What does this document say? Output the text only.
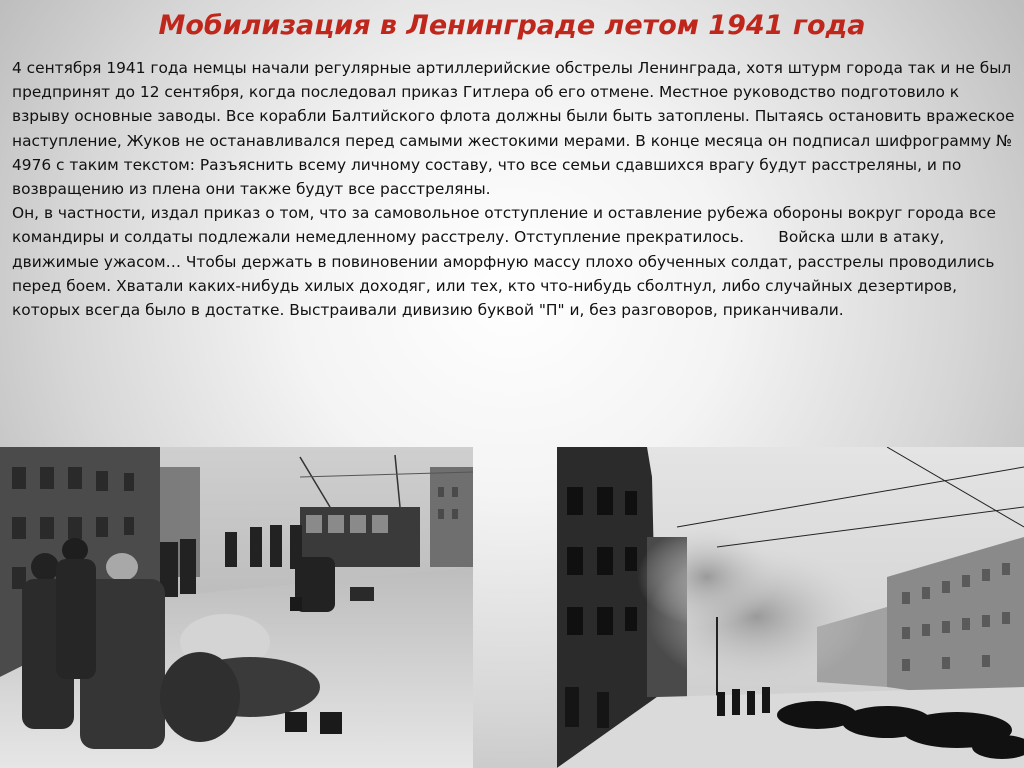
Мобилизация в Ленинграде летом 1941 года

4 сентября 1941 года немцы начали регулярные артиллерийские обстрелы Ленинграда, хотя штурм города так и не был предпринят до 12 сентября, когда последовал приказ Гитлера об его отмене. Местное руководство подготовило к взрыву основные заводы. Все корабли Балтийского флота должны были быть затоплены. Пытаясь остановить вражеское наступление, Жуков не останавливался перед самыми жестокими мерами. В конце месяца он подписал шифрограмму № 4976 с таким текстом: Разъяснить всему личному составу, что все семьи сдавшихся врагу будут расстреляны, и по возвращению из плена они также будут все расстреляны.

Он, в частности, издал приказ о том, что за самовольное отступление и оставление рубежа обороны вокруг города все командиры и солдаты подлежали немедленному расстрелу. Отступление прекратилось.       Войска шли в атаку, движимые ужасом… Чтобы держать в повиновении аморфную массу плохо обученных солдат, расстрелы проводились перед боем. Хватали каких-нибудь хилых доходяг, или тех, кто что-нибудь сболтнул, либо случайных дезертиров, которых всегда было в достатке. Выстраивали дивизию буквой "П" и, без разговоров, приканчивали.
